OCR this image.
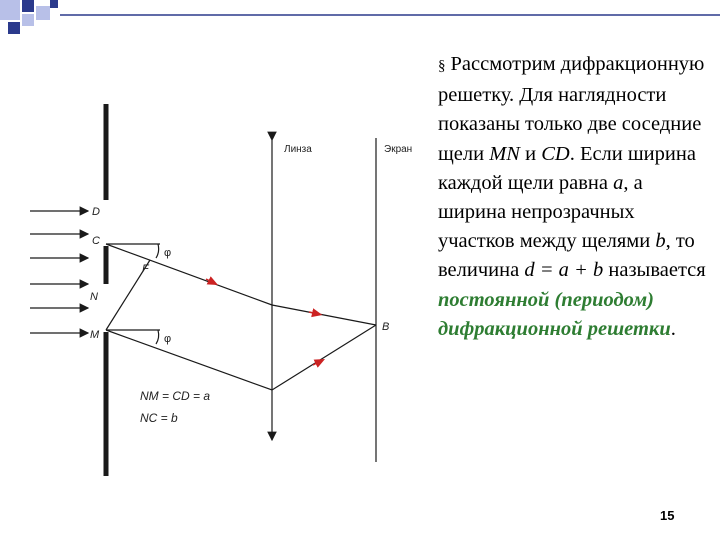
Линза	Экран
D
C
F
N
M
B
φ
φ
NM = CD = a
NC = b
§ Рассмотрим дифракционную решетку. Для наглядности показаны только две соседние щели MN и CD. Если ширина каждой щели равна a, а ширина непрозрачных участков между щелями b, то величина d = a + b называется постоянной (периодом) дифракционной решетки.
15
